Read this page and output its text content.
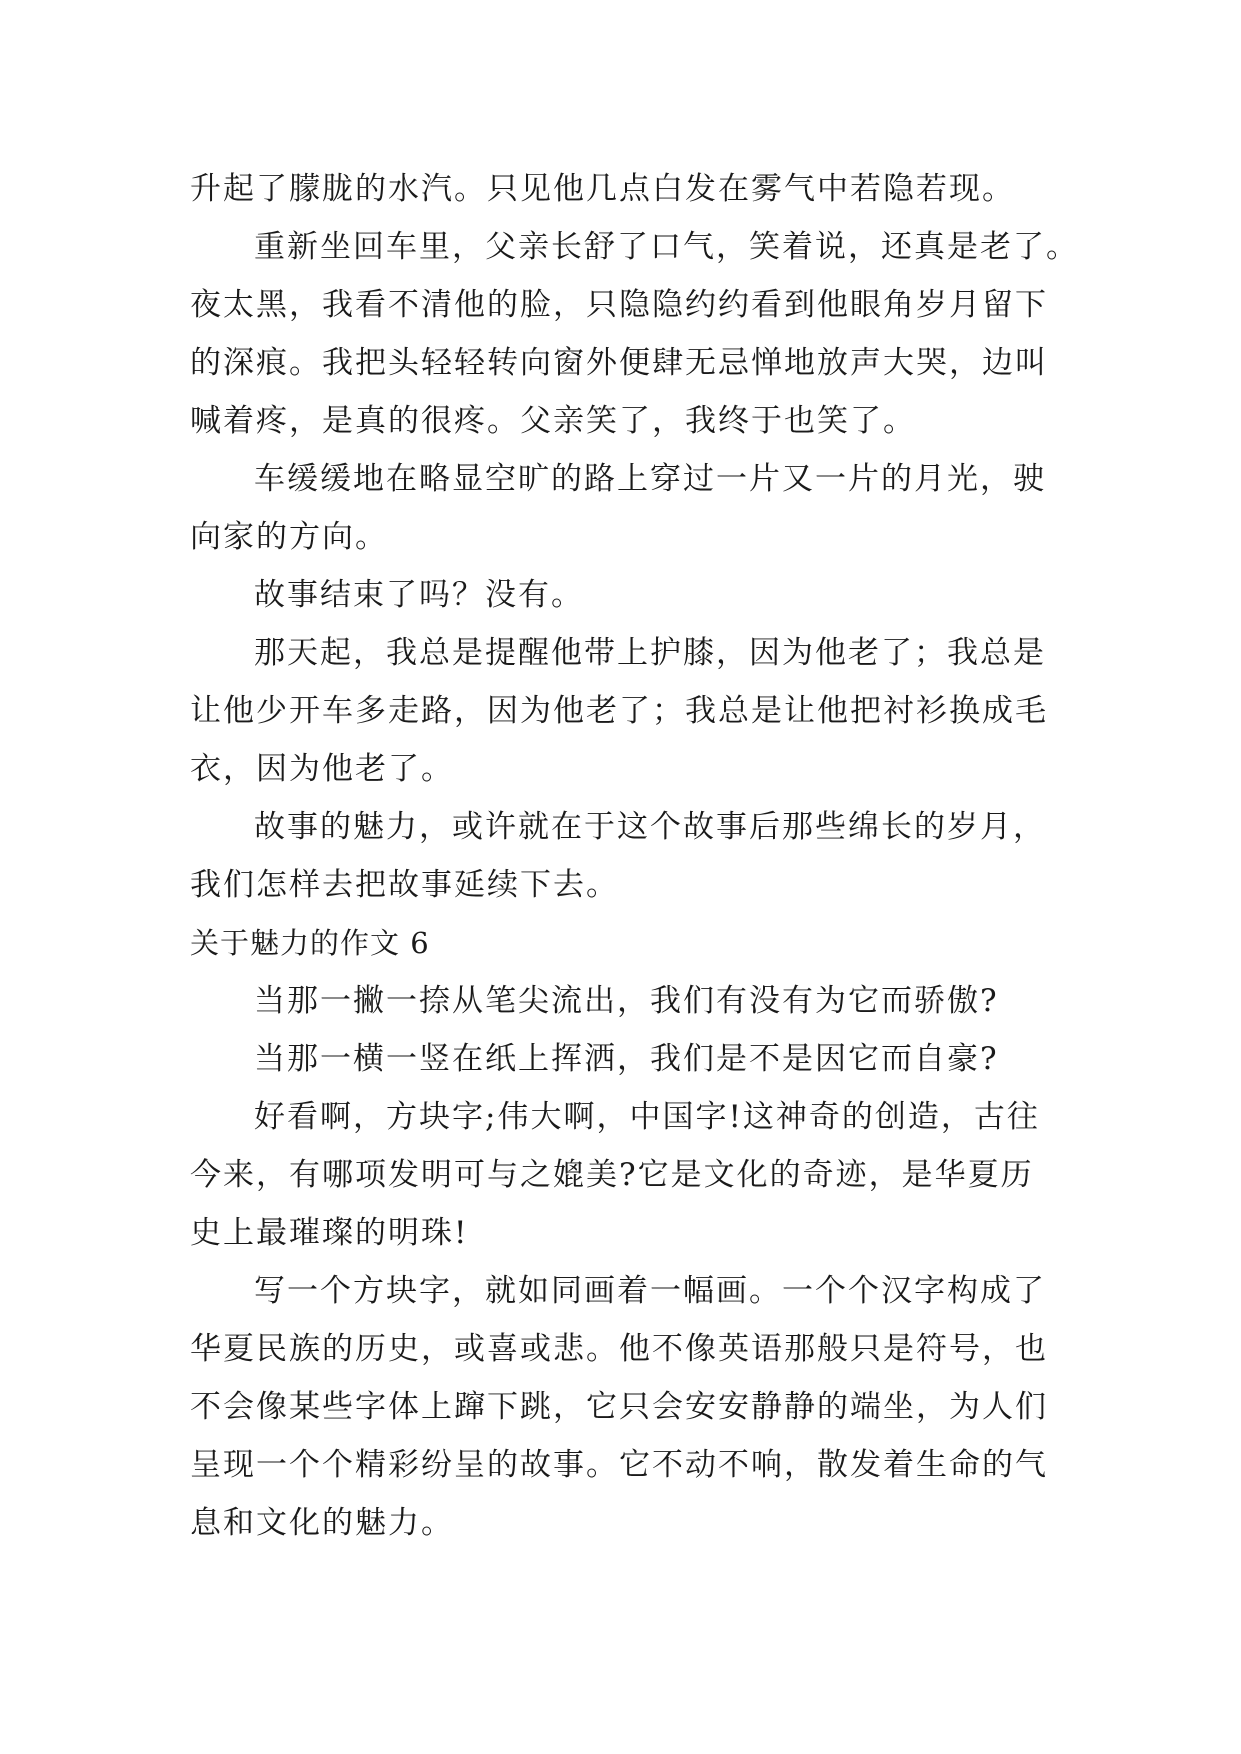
升起了朦胧的水汽。只见他几点白发在雾气中若隐若现。
重新坐回车里，父亲长舒了口气，笑着说，还真是老了。
夜太黑，我看不清他的脸，只隐隐约约看到他眼角岁月留下
的深痕。我把头轻轻转向窗外便肆无忌惮地放声大哭，边叫
喊着疼，是真的很疼。父亲笑了，我终于也笑了。
车缓缓地在略显空旷的路上穿过一片又一片的月光，驶
向家的方向。
故事结束了吗？没有。
那天起，我总是提醒他带上护膝，因为他老了；我总是
让他少开车多走路，因为他老了；我总是让他把衬衫换成毛
衣，因为他老了。
故事的魅力，或许就在于这个故事后那些绵长的岁月，
我们怎样去把故事延续下去。
关于魅力的作文 6
当那一撇一捺从笔尖流出，我们有没有为它而骄傲?
当那一横一竖在纸上挥洒，我们是不是因它而自豪?
好看啊，方块字;伟大啊，中国字!这神奇的创造，古往
今来，有哪项发明可与之媲美?它是文化的奇迹，是华夏历
史上最璀璨的明珠!
写一个方块字，就如同画着一幅画。一个个汉字构成了
华夏民族的历史，或喜或悲。他不像英语那般只是符号，也
不会像某些字体上蹿下跳，它只会安安静静的端坐，为人们
呈现一个个精彩纷呈的故事。它不动不响，散发着生命的气
息和文化的魅力。
